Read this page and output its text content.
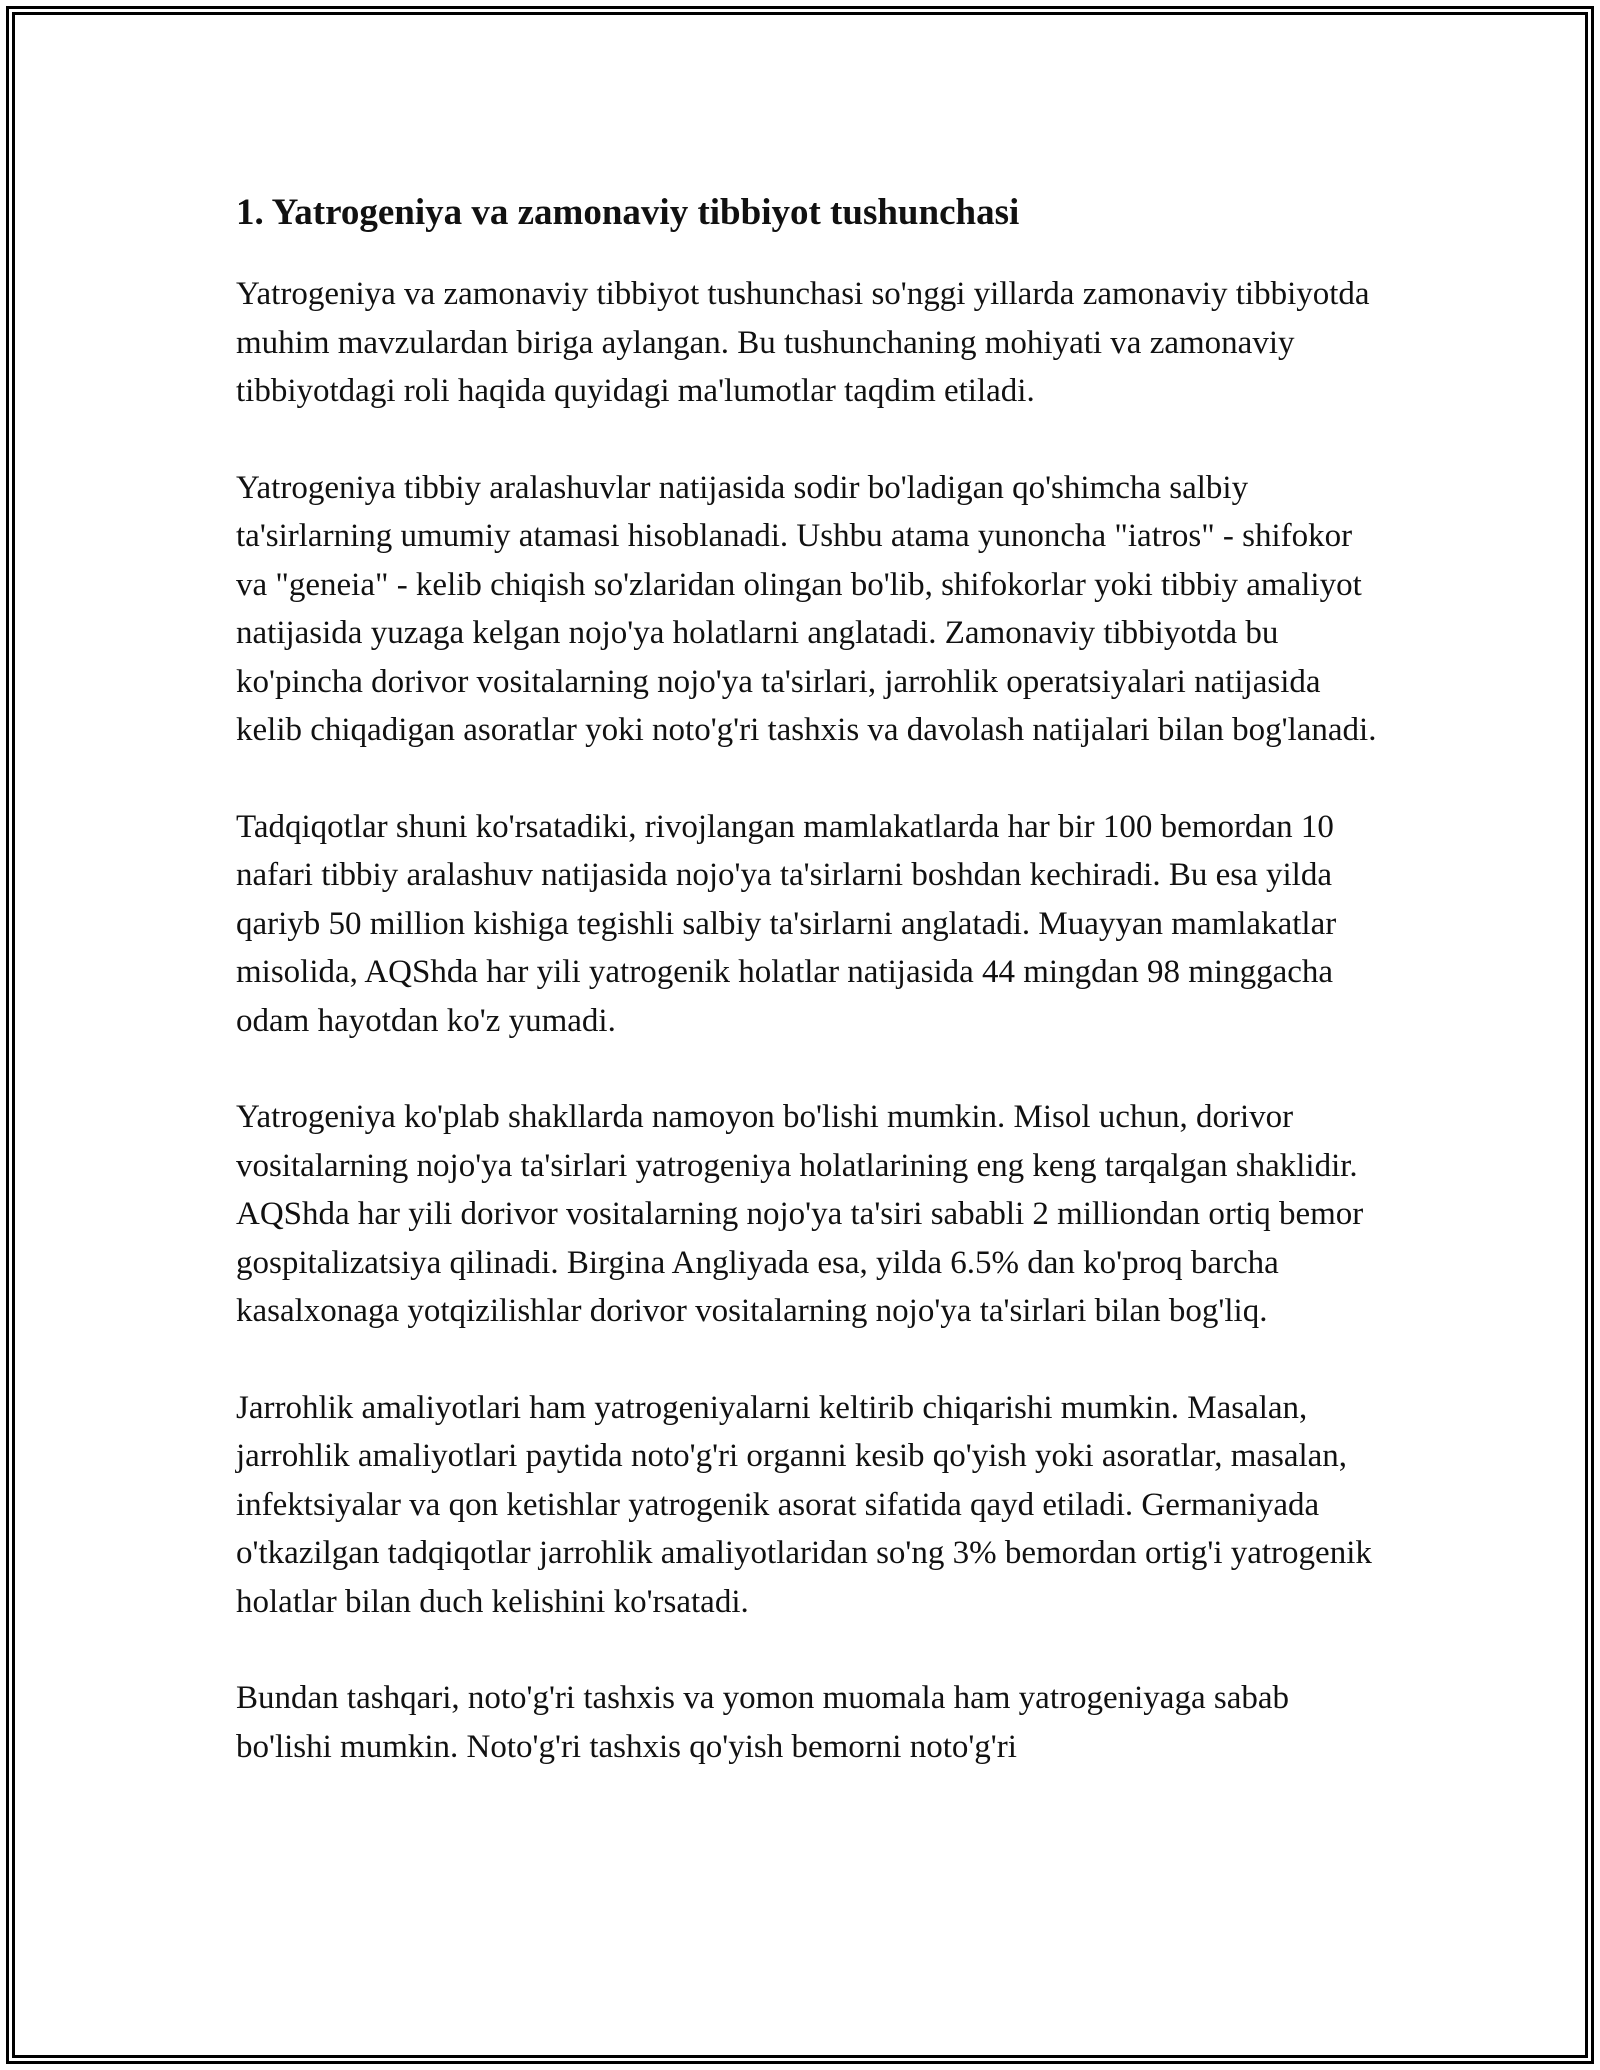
1. Yatrogeniya va zamonaviy tibbiyot tushunchasi

Yatrogeniya va zamonaviy tibbiyot tushunchasi so'nggi yillarda zamonaviy tibbiyotda muhim mavzulardan biriga aylangan. Bu tushunchaning mohiyati va zamonaviy tibbiyotdagi roli haqida quyidagi ma'lumotlar taqdim etiladi.

Yatrogeniya tibbiy aralashuvlar natijasida sodir bo'ladigan qo'shimcha salbiy ta'sirlarning umumiy atamasi hisoblanadi. Ushbu atama yunoncha "iatros" - shifokor va "geneia" - kelib chiqish so'zlaridan olingan bo'lib, shifokorlar yoki tibbiy amaliyot natijasida yuzaga kelgan nojo'ya holatlarni anglatadi. Zamonaviy tibbiyotda bu ko'pincha dorivor vositalarning nojo'ya ta'sirlari, jarrohlik operatsiyalari natijasida kelib chiqadigan asoratlar yoki noto'g'ri tashxis va davolash natijalari bilan bog'lanadi.

Tadqiqotlar shuni ko'rsatadiki, rivojlangan mamlakatlarda har bir 100 bemordan 10 nafari tibbiy aralashuv natijasida nojo'ya ta'sirlarni boshdan kechiradi. Bu esa yilda qariyb 50 million kishiga tegishli salbiy ta'sirlarni anglatadi. Muayyan mamlakatlar misolida, AQShda har yili yatrogenik holatlar natijasida 44 mingdan 98 minggacha odam hayotdan ko'z yumadi.

Yatrogeniya ko'plab shakllarda namoyon bo'lishi mumkin. Misol uchun, dorivor vositalarning nojo'ya ta'sirlari yatrogeniya holatlarining eng keng tarqalgan shaklidir. AQShda har yili dorivor vositalarning nojo'ya ta'siri sababli 2 milliondan ortiq bemor gospitalizatsiya qilinadi. Birgina Angliyada esa, yilda 6.5% dan ko'proq barcha kasalxonaga yotqizilishlar dorivor vositalarning nojo'ya ta'sirlari bilan bog'liq.

Jarrohlik amaliyotlari ham yatrogeniyalarni keltirib chiqarishi mumkin. Masalan, jarrohlik amaliyotlari paytida noto'g'ri organni kesib qo'yish yoki asoratlar, masalan, infektsiyalar va qon ketishlar yatrogenik asorat sifatida qayd etiladi. Germaniyada o'tkazilgan tadqiqotlar jarrohlik amaliyotlaridan so'ng 3% bemordan ortig'i yatrogenik holatlar bilan duch kelishini ko'rsatadi.

Bundan tashqari, noto'g'ri tashxis va yomon muomala ham yatrogeniyaga sabab bo'lishi mumkin. Noto'g'ri tashxis qo'yish bemorni noto'g'ri
